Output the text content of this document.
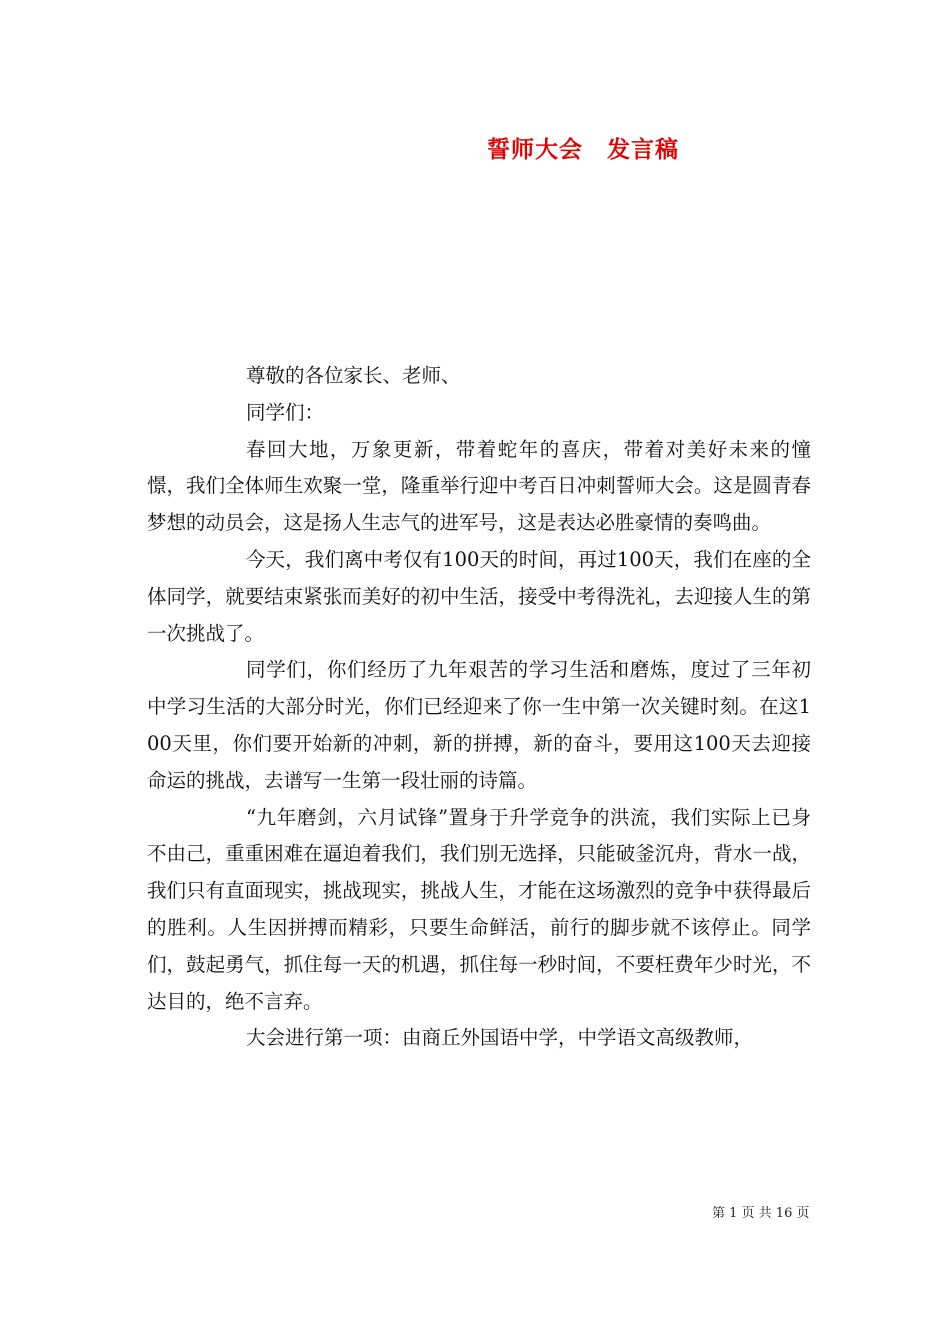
誓师大会　发言稿

尊敬的各位家长、老师、

同学们：

春回大地，万象更新，带着蛇年的喜庆，带着对美好未来的憧憬，我们全体师生欢聚一堂，隆重举行迎中考百日冲刺誓师大会。这是圆青春梦想的动员会，这是扬人生志气的进军号，这是表达必胜豪情的奏鸣曲。

今天，我们离中考仅有100天的时间，再过100天，我们在座的全体同学，就要结束紧张而美好的初中生活，接受中考得洗礼，去迎接人生的第一次挑战了。

同学们，你们经历了九年艰苦的学习生活和磨炼，度过了三年初中学习生活的大部分时光，你们已经迎来了你一生中第一次关键时刻。在这100天里，你们要开始新的冲刺，新的拼搏，新的奋斗，要用这100天去迎接命运的挑战，去谱写一生第一段壮丽的诗篇。

“九年磨剑，六月试锋”置身于升学竞争的洪流，我们实际上已身不由己，重重困难在逼迫着我们，我们别无选择，只能破釜沉舟，背水一战，我们只有直面现实，挑战现实，挑战人生，才能在这场激烈的竞争中获得最后的胜利。人生因拼搏而精彩，只要生命鲜活，前行的脚步就不该停止。同学们，鼓起勇气，抓住每一天的机遇，抓住每一秒时间，不要枉费年少时光，不达目的，绝不言弃。

大会进行第一项：由商丘外国语中学，中学语文高级教师，

第 1 页 共 16 页
